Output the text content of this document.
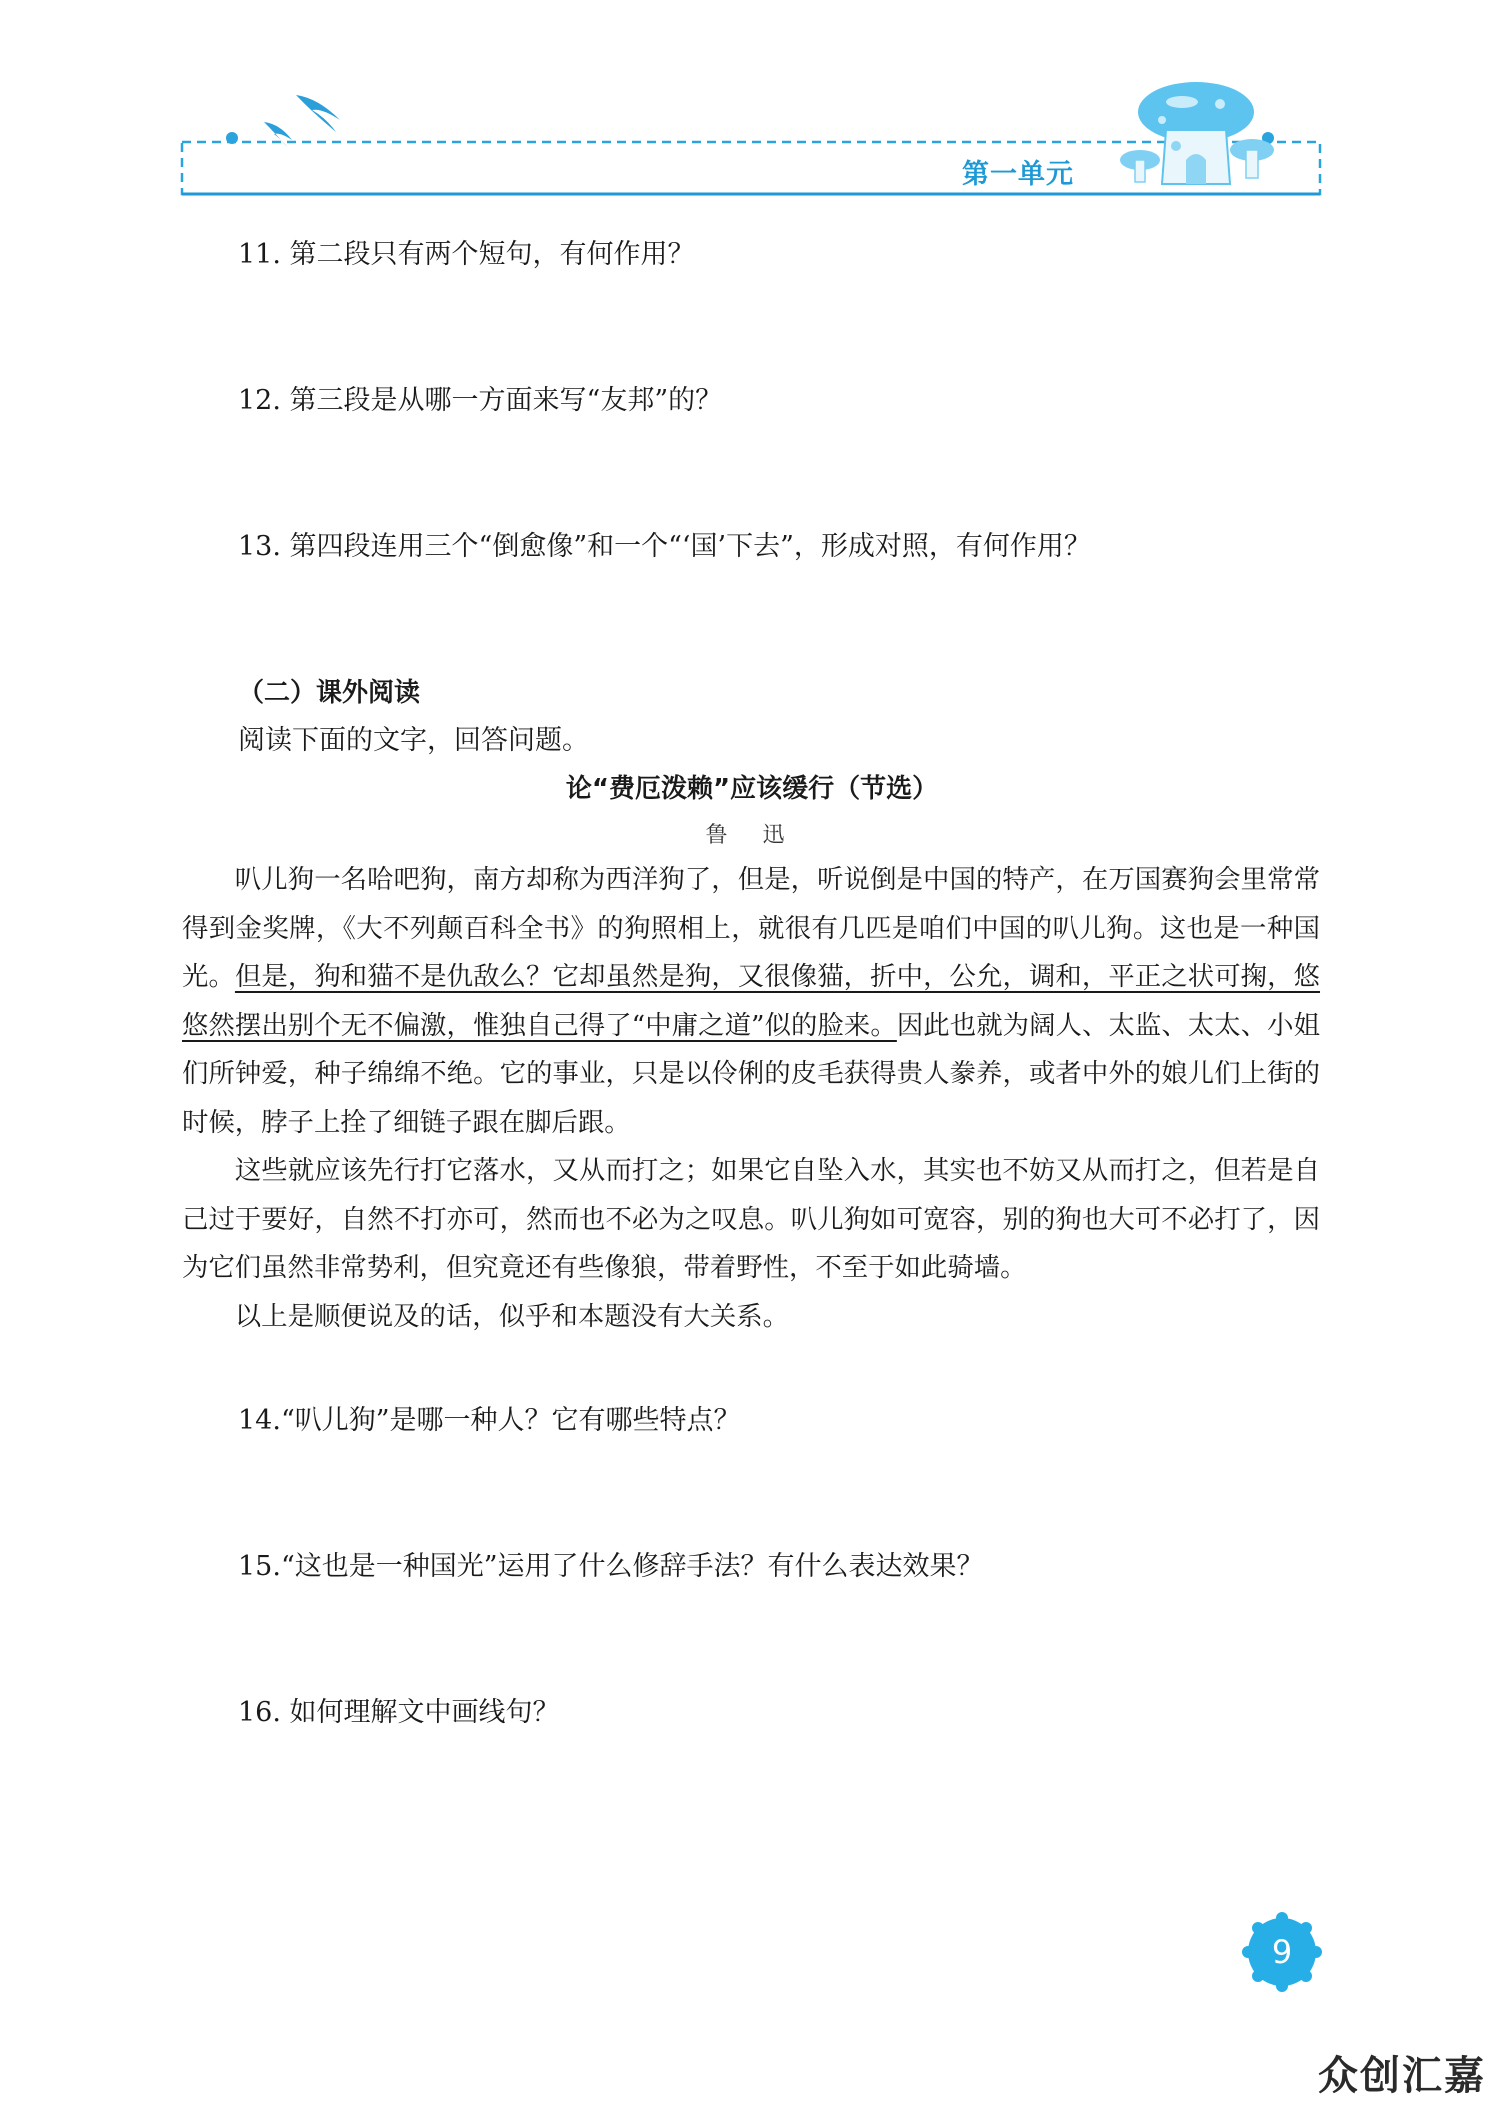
第一单元
11. 第二段只有两个短句，有何作用？
12. 第三段是从哪一方面来写“友邦”的？
13. 第四段连用三个“倒愈像”和一个“‘国’下去”，形成对照，有何作用？
（二）课外阅读
阅读下面的文字，回答问题。
论“费厄泼赖”应该缓行（节选）
鲁 迅

叭儿狗一名哈吧狗，南方却称为西洋狗了，但是，听说倒是中国的特产，在万国赛狗会里常常得到金奖牌，《大不列颠百科全书》的狗照相上，就很有几匹是咱们中国的叭儿狗。这也是一种国光。但是，狗和猫不是仇敌么？它却虽然是狗，又很像猫，折中，公允，调和，平正之状可掬，悠悠然摆出别个无不偏激，惟独自己得了“中庸之道”似的脸来。因此也就为阔人、太监、太太、小姐们所钟爱，种子绵绵不绝。它的事业，只是以伶俐的皮毛获得贵人豢养，或者中外的娘儿们上街的时候，脖子上拴了细链子跟在脚后跟。

这些就应该先行打它落水，又从而打之；如果它自坠入水，其实也不妨又从而打之，但若是自己过于要好，自然不打亦可，然而也不必为之叹息。叭儿狗如可宽容，别的狗也大可不必打了，因为它们虽然非常势利，但究竟还有些像狼，带着野性，不至于如此骑墙。

以上是顺便说及的话，似乎和本题没有大关系。

14.“叭儿狗”是哪一种人？它有哪些特点？
15.“这也是一种国光”运用了什么修辞手法？有什么表达效果？
16. 如何理解文中画线句？
9
众创汇嘉
